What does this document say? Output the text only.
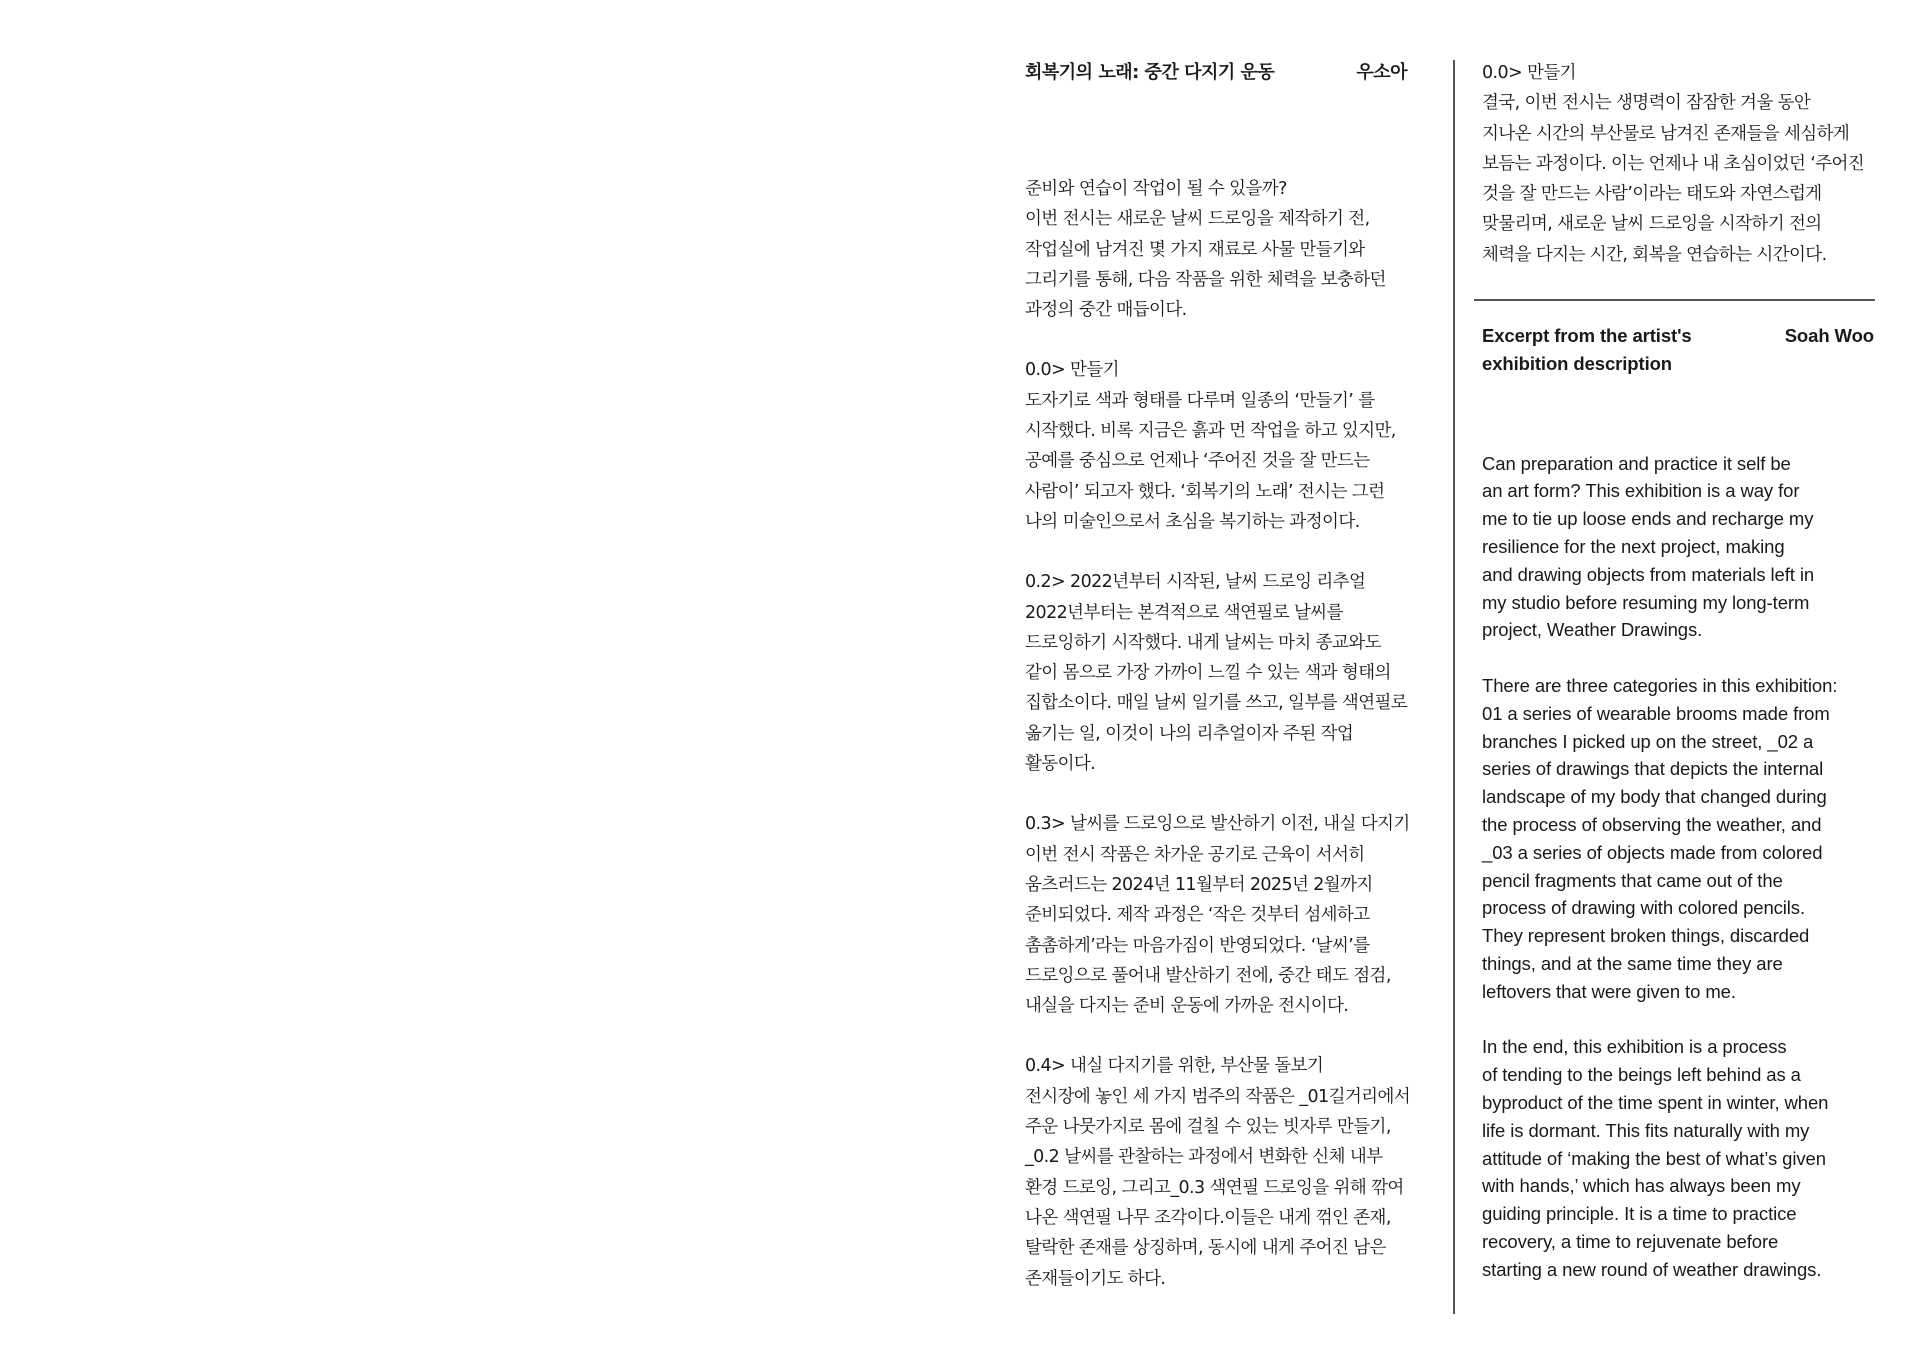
회복기의 노래: 중간 다지기 운동	우소아

준비와 연습이 작업이 될 수 있을까?
이번 전시는 새로운 날씨 드로잉을 제작하기 전,
작업실에 남겨진 몇 가지 재료로 사물 만들기와
그리기를 통해, 다음 작품을 위한 체력을 보충하던
과정의 중간 매듭이다.

0.0> 만들기
도자기로 색과 형태를 다루며 일종의 ‘만들기’ 를
시작했다. 비록 지금은 흙과 먼 작업을 하고 있지만,
공예를 중심으로 언제나 ‘주어진 것을 잘 만드는
사람이’ 되고자 했다. ‘회복기의 노래’ 전시는 그런
나의 미술인으로서 초심을 복기하는 과정이다.

0.2> 2022년부터 시작된, 날씨 드로잉 리추얼
2022년부터는 본격적으로 색연필로 날씨를
드로잉하기 시작했다. 내게 날씨는 마치 종교와도
같이 몸으로 가장 가까이 느낄 수 있는 색과 형태의
집합소이다. 매일 날씨 일기를 쓰고, 일부를 색연필로
옮기는 일, 이것이 나의 리추얼이자 주된 작업
활동이다.

0.3> 날씨를 드로잉으로 발산하기 이전, 내실 다지기
이번 전시 작품은 차가운 공기로 근육이 서서히
움츠러드는 2024년 11월부터 2025년 2월까지
준비되었다. 제작 과정은 ‘작은 것부터 섬세하고
촘촘하게’라는 마음가짐이 반영되었다. ‘날씨’를
드로잉으로 풀어내 발산하기 전에, 중간 태도 점검,
내실을 다지는 준비 운동에 가까운 전시이다.

0.4> 내실 다지기를 위한, 부산물 돌보기
전시장에 놓인 세 가지 범주의 작품은 _01길거리에서
주운 나뭇가지로 몸에 걸칠 수 있는 빗자루 만들기,
_0.2 날씨를 관찰하는 과정에서 변화한 신체 내부
환경 드로잉, 그리고_0.3 색연필 드로잉을 위해 깎여
나온 색연필 나무 조각이다.이들은 내게 꺾인 존재,
탈락한 존재를 상징하며, 동시에 내게 주어진 남은
존재들이기도 하다.

0.0> 만들기
결국, 이번 전시는 생명력이 잠잠한 겨울 동안
지나온 시간의 부산물로 남겨진 존재들을 세심하게
보듬는 과정이다. 이는 언제나 내 초심이었던 ‘주어진
것을 잘 만드는 사람’이라는 태도와 자연스럽게
맞물리며, 새로운 날씨 드로잉을 시작하기 전의
체력을 다지는 시간, 회복을 연습하는 시간이다.

Excerpt from the artist's
exhibition description
Soah Woo

Can preparation and practice it self be
an art form? This exhibition is a way for
me to tie up loose ends and recharge my
resilience for the next project, making
and drawing objects from materials left in
my studio before resuming my long-term
project, Weather Drawings.

There are three categories in this exhibition:
01 a series of wearable brooms made from
branches I picked up on the street, _02 a
series of drawings that depicts the internal
landscape of my body that changed during
the process of observing the weather, and
_03 a series of objects made from colored
pencil fragments that came out of the
process of drawing with colored pencils.
They represent broken things, discarded
things, and at the same time they are
leftovers that were given to me.

In the end, this exhibition is a process
of tending to the beings left behind as a
byproduct of the time spent in winter, when
life is dormant. This fits naturally with my
attitude of ‘making the best of what’s given
with hands,’ which has always been my
guiding principle. It is a time to practice
recovery, a time to rejuvenate before
starting a new round of weather drawings.
